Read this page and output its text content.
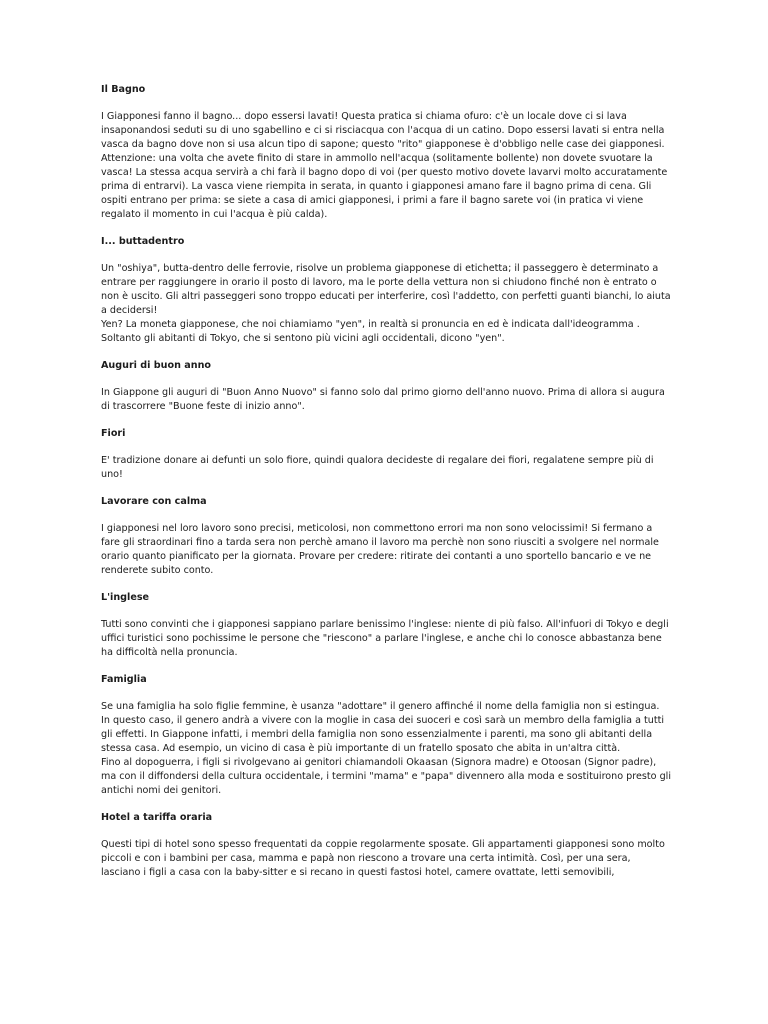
Il Bagno

I Giapponesi fanno il bagno... dopo essersi lavati! Questa pratica si chiama ofuro: c'è un locale dove ci si lava insaponandosi seduti su di uno sgabellino e ci si risciacqua con l'acqua di un catino. Dopo essersi lavati si entra nella vasca da bagno dove non si usa alcun tipo di sapone; questo "rito" giapponese è d'obbligo nelle case dei giapponesi.

Attenzione: una volta che avete finito di stare in ammollo nell'acqua (solitamente bollente) non dovete svuotare la vasca! La stessa acqua servirà a chi farà il bagno dopo di voi (per questo motivo dovete lavarvi molto accuratamente prima di entrarvi). La vasca viene riempita in serata, in quanto i giapponesi amano fare il bagno prima di cena. Gli ospiti entrano per prima: se siete a casa di amici giapponesi, i primi a fare il bagno sarete voi (in pratica vi viene regalato il momento in cui l'acqua è più calda).

I... buttadentro

Un "oshiya", butta-dentro delle ferrovie, risolve un problema giapponese di etichetta; il passeggero è determinato a entrare per raggiungere in orario il posto di lavoro, ma le porte della vettura non si chiudono finché non è entrato o non è uscito. Gli altri passeggeri sono troppo educati per interferire, così l'addetto, con perfetti guanti bianchi, lo aiuta a decidersi!

Yen? La moneta giapponese, che noi chiamiamo "yen", in realtà si pronuncia en ed è indicata dall'ideogramma . Soltanto gli abitanti di Tokyo, che si sentono più vicini agli occidentali, dicono "yen".

Auguri di buon anno

In Giappone gli auguri di "Buon Anno Nuovo" si fanno solo dal primo giorno dell'anno nuovo. Prima di allora si augura di trascorrere "Buone feste di inizio anno".

Fiori

E' tradizione donare ai defunti un solo fiore, quindi qualora decideste di regalare dei fiori, regalatene sempre più di uno!

Lavorare con calma

I giapponesi nel loro lavoro sono precisi, meticolosi, non commettono errori ma non sono velocissimi! Si fermano a fare gli straordinari fino a tarda sera non perchè amano il lavoro ma perchè non sono riusciti a svolgere nel normale orario quanto pianificato per la giornata. Provare per credere: ritirate dei contanti a uno sportello bancario e ve ne renderete subito conto.

L'inglese

Tutti sono convinti che i giapponesi sappiano parlare benissimo l'inglese: niente di più falso. All'infuori di Tokyo e degli uffici turistici sono pochissime le persone che "riescono" a parlare l'inglese, e anche chi lo conosce abbastanza bene ha difficoltà nella pronuncia.

Famiglia

Se una famiglia ha solo figlie femmine, è usanza "adottare" il genero affinché il nome della famiglia non si estingua. In questo caso, il genero andrà a vivere con la moglie in casa dei suoceri e così sarà un membro della famiglia a tutti gli effetti. In Giappone infatti, i membri della famiglia non sono essenzialmente i parenti, ma sono gli abitanti della stessa casa. Ad esempio, un vicino di casa è più importante di un fratello sposato che abita in un'altra città.

Fino al dopoguerra, i figli si rivolgevano ai genitori chiamandoli Okaasan (Signora madre) e Otoosan (Signor padre), ma con il diffondersi della cultura occidentale, i termini "mama" e "papa" divennero alla moda e sostituirono presto gli antichi nomi dei genitori.

Hotel a tariffa oraria

Questi tipi di hotel sono spesso frequentati da coppie regolarmente sposate. Gli appartamenti giapponesi sono molto piccoli e con i bambini per casa, mamma e papà non riescono a trovare una certa intimità. Così, per una sera, lasciano i figli a casa con la baby-sitter e si recano in questi fastosi hotel, camere ovattate, letti semovibili,
